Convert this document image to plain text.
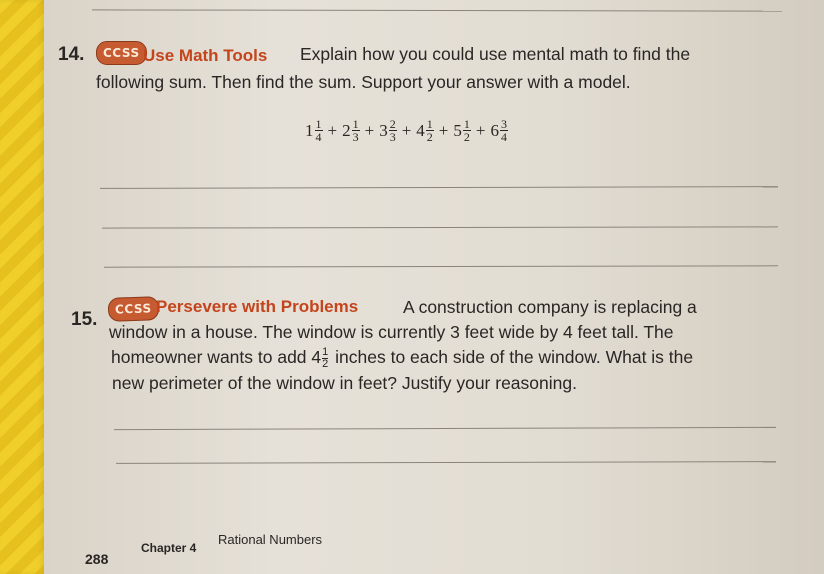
14.	CCSS Use Math Tools Explain how you could use mental math to find the
following sum. Then find the sum. Support your answer with a model.
$1 \frac{1}{4} + 2 \frac{1}{3} + 3 \frac{2}{3} + 4 \frac{1}{2} + 5 \frac{1}{2} + 6 \frac{3}{4}$
15.	CCSS Persevere with Problems	A construction company is replacing a
window in a house. The window is currently 3 feet wide by 4 feet tall. The
homeowner wants to add $4 \frac{1}{2}$ inches to each side of the window. What is the
new perimeter of the window in feet? Justify your reasoning.
288
Chapter 4
Rational Numbers
